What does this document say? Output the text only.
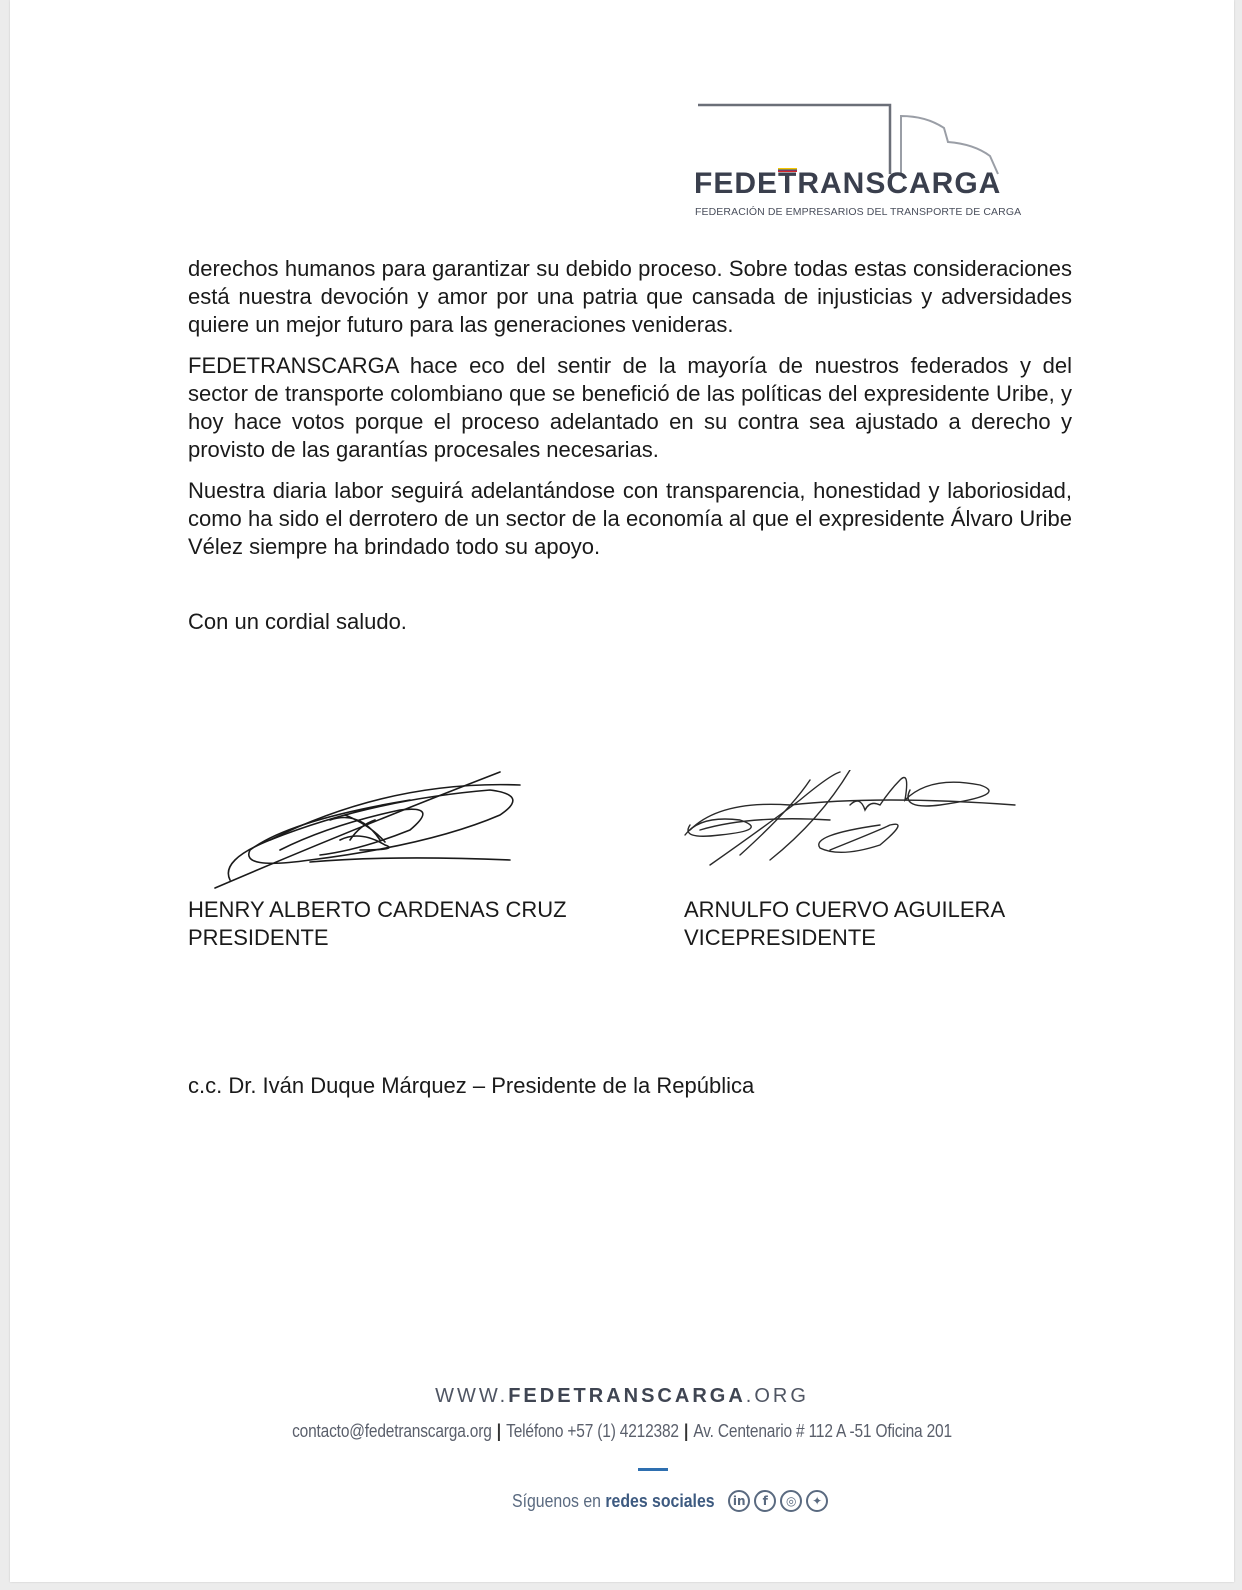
FEDETRANSCARGA
FEDERACIÓN DE EMPRESARIOS DEL TRANSPORTE DE CARGA

derechos humanos para garantizar su debido proceso. Sobre todas estas consideraciones está nuestra devoción y amor por una patria que cansada de injusticias y adversidades quiere un mejor futuro para las generaciones venideras.

FEDETRANSCARGA hace eco del sentir de la mayoría de nuestros federados y del sector de transporte colombiano que se benefició de las políticas del expresidente Uribe, y hoy hace votos porque el proceso adelantado en su contra sea ajustado a derecho y provisto de las garantías procesales necesarias.

Nuestra diaria labor seguirá adelantándose con transparencia, honestidad y laboriosidad, como ha sido el derrotero de un sector de la economía al que el expresidente Álvaro Uribe Vélez siempre ha brindado todo su apoyo.

Con un cordial saludo.

HENRY ALBERTO CARDENAS CRUZ
PRESIDENTE
ARNULFO CUERVO AGUILERA
VICEPRESIDENTE

c.c. Dr. Iván Duque Márquez – Presidente de la República

WWW.FEDETRANSCARGA.ORG
contacto@fedetranscarga.org | Teléfono +57 (1) 4212382 | Av. Centenario # 112 A -51 Oficina 201
Síguenos en redes sociales	in	f	◎	✦
